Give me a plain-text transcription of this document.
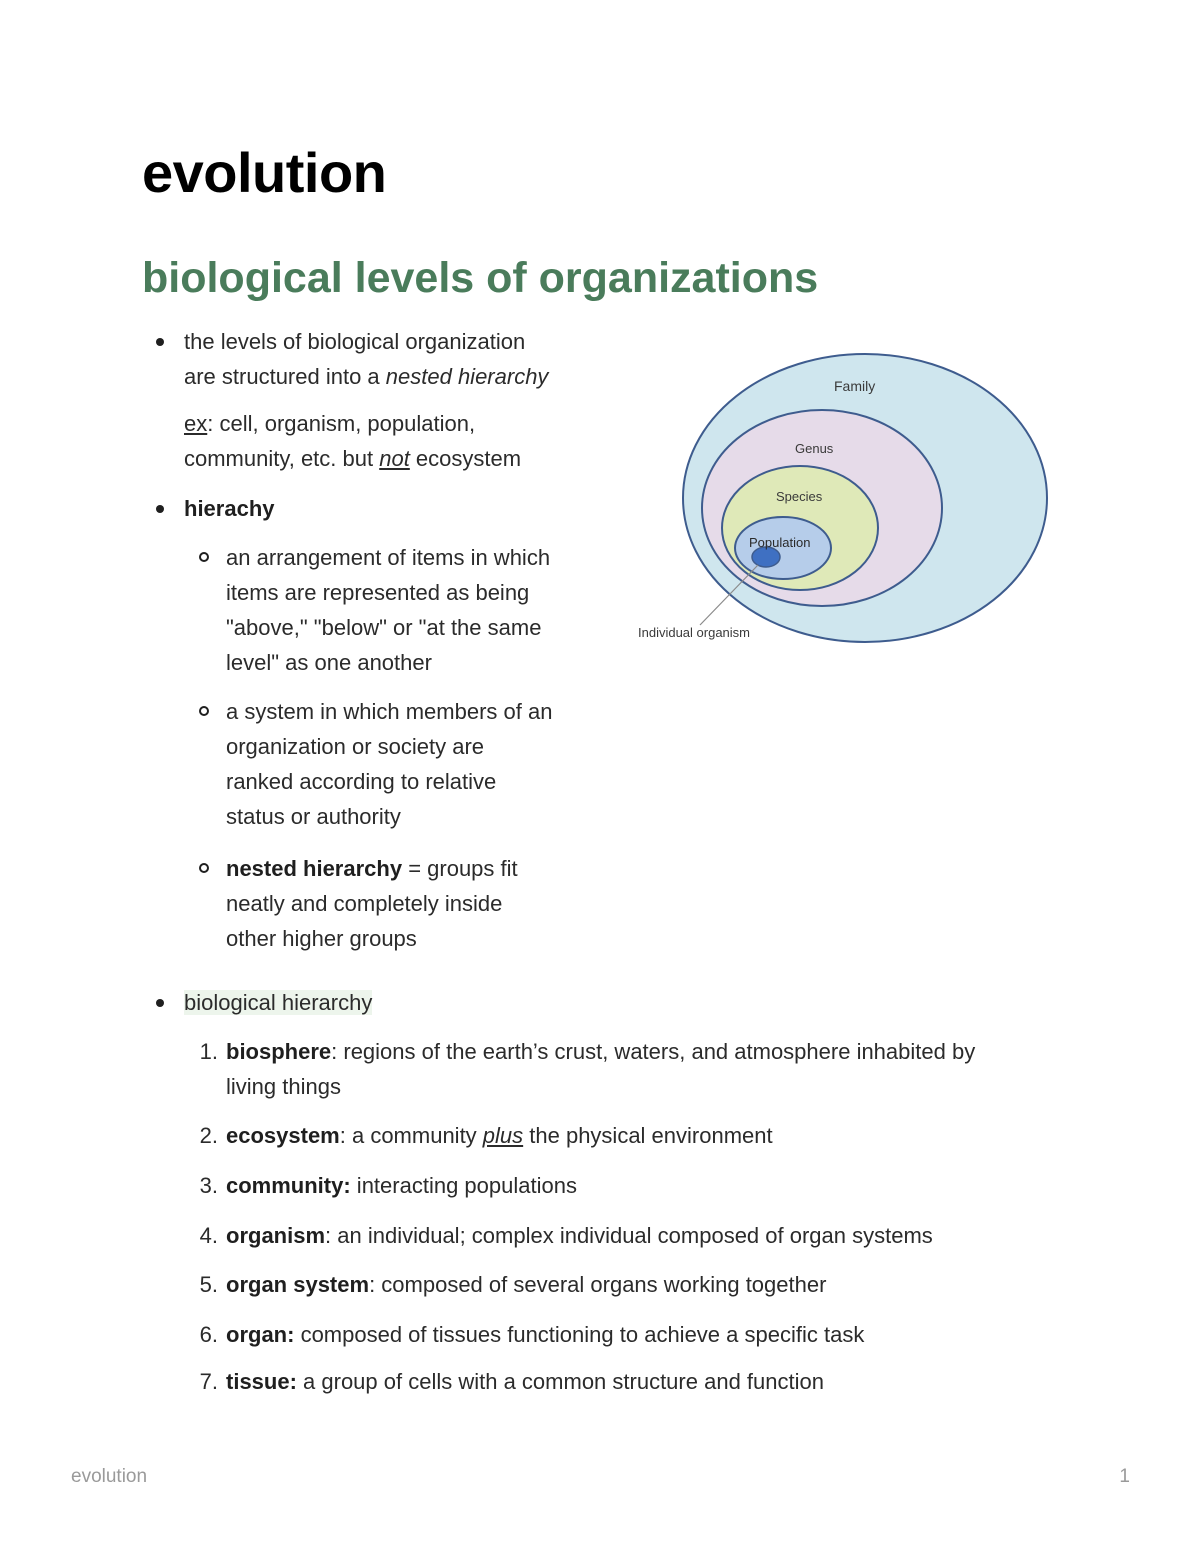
evolution
biological levels of organizations
the levels of biological organization
are structured into a nested hierarchy
ex: cell, organism, population,
community, etc. but not ecosystem
hierachy
an arrangement of items in which
items are represented as being
"above," "below" or "at the same
level" as one another
a system in which members of an
organization or society are
ranked according to relative
status or authority
nested hierarchy = groups fit
neatly and completely inside
other higher groups
biological hierarchy
1. biosphere: regions of the earth’s crust, waters, and atmosphere inhabited by
living things
2. ecosystem: a community plus the physical environment
3. community: interacting populations
4. organism: an individual; complex individual composed of organ systems
5. organ system: composed of several organs working together
6. organ: composed of tissues functioning to achieve a specific task
7. tissue: a group of cells with a common structure and function
Family
Genus
Species
Population
Individual organism
evolution	1
